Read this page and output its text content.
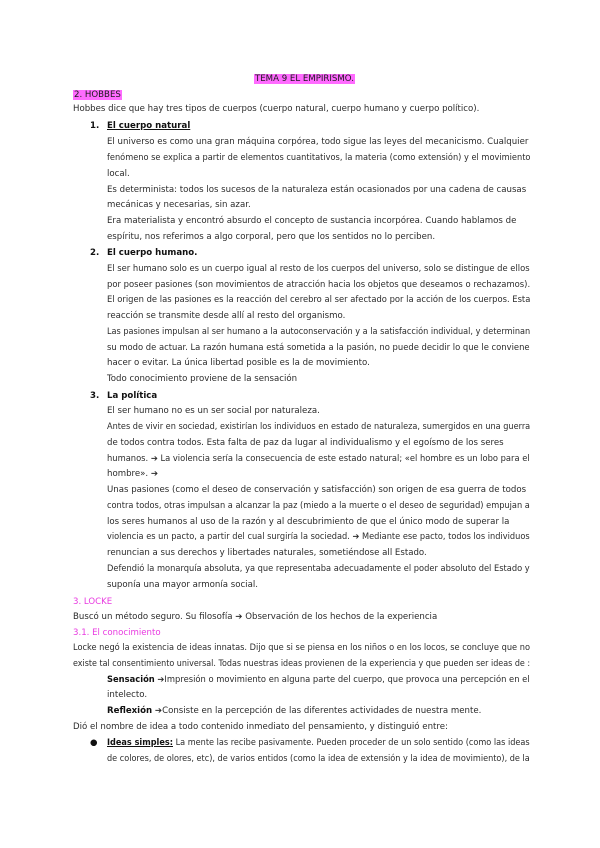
TEMA 9 EL EMPIRISMO.
2. HOBBES
Hobbes dice que hay tres tipos de cuerpos (cuerpo natural, cuerpo humano y cuerpo político).
1. El cuerpo natural
El universo es como una gran máquina corpórea, todo sigue las leyes del mecanicismo. Cualquier
fenómeno se explica a partir de elementos cuantitativos, la materia (como extensión) y el movimiento
local.
Es determinista: todos los sucesos de la naturaleza están ocasionados por una cadena de causas
mecánicas y necesarias, sin azar.
Era materialista y encontró absurdo el concepto de sustancia incorpórea. Cuando hablamos de
espíritu, nos referimos a algo corporal, pero que los sentidos no lo perciben.
2. El cuerpo humano.
El ser humano solo es un cuerpo igual al resto de los cuerpos del universo, solo se distingue de ellos
por poseer pasiones (son movimientos de atracción hacia los objetos que deseamos o rechazamos).
El origen de las pasiones es la reacción del cerebro al ser afectado por la acción de los cuerpos. Esta
reacción se transmite desde allí al resto del organismo.
Las pasiones impulsan al ser humano a la autoconservación y a la satisfacción individual, y determinan
su modo de actuar. La razón humana está sometida a la pasión, no puede decidir lo que le conviene
hacer o evitar. La única libertad posible es la de movimiento.
Todo conocimiento proviene de la sensación
3. La política
El ser humano no es un ser social por naturaleza.
Antes de vivir en sociedad, existirían los individuos en estado de naturaleza, sumergidos en una guerra
de todos contra todos. Esta falta de paz da lugar al individualismo y el egoísmo de los seres
humanos. ➔ La violencia sería la consecuencia de este estado natural; «el hombre es un lobo para el
hombre». ➔
Unas pasiones (como el deseo de conservación y satisfacción) son origen de esa guerra de todos
contra todos, otras impulsan a alcanzar la paz (miedo a la muerte o el deseo de seguridad) empujan a
los seres humanos al uso de la razón y al descubrimiento de que el único modo de superar la
violencia es un pacto, a partir del cual surgiría la sociedad. ➔ Mediante ese pacto, todos los individuos
renuncian a sus derechos y libertades naturales, sometiéndose all Estado.
Defendió la monarquía absoluta, ya que representaba adecuadamente el poder absoluto del Estado y
suponía una mayor armonía social.
3. LOCKE
Buscó un método seguro. Su filosofía ➔ Observación de los hechos de la experiencia
3.1. El conocimiento
Locke negó la existencia de ideas innatas. Dijo que si se piensa en los niños o en los locos, se concluye que no
existe tal consentimiento universal. Todas nuestras ideas provienen de la experiencia y que pueden ser ideas de :
Sensación ➔Impresión o movimiento en alguna parte del cuerpo, que provoca una percepción en el
intelecto.
Reflexión ➔Consiste en la percepción de las diferentes actividades de nuestra mente.
Dió el nombre de idea a todo contenido inmediato del pensamiento, y distinguió entre:
● Ideas simples: La mente las recibe pasivamente. Pueden proceder de un solo sentido (como las ideas
de colores, de olores, etc), de varios entidos (como la idea de extensión y la idea de movimiento), de la
